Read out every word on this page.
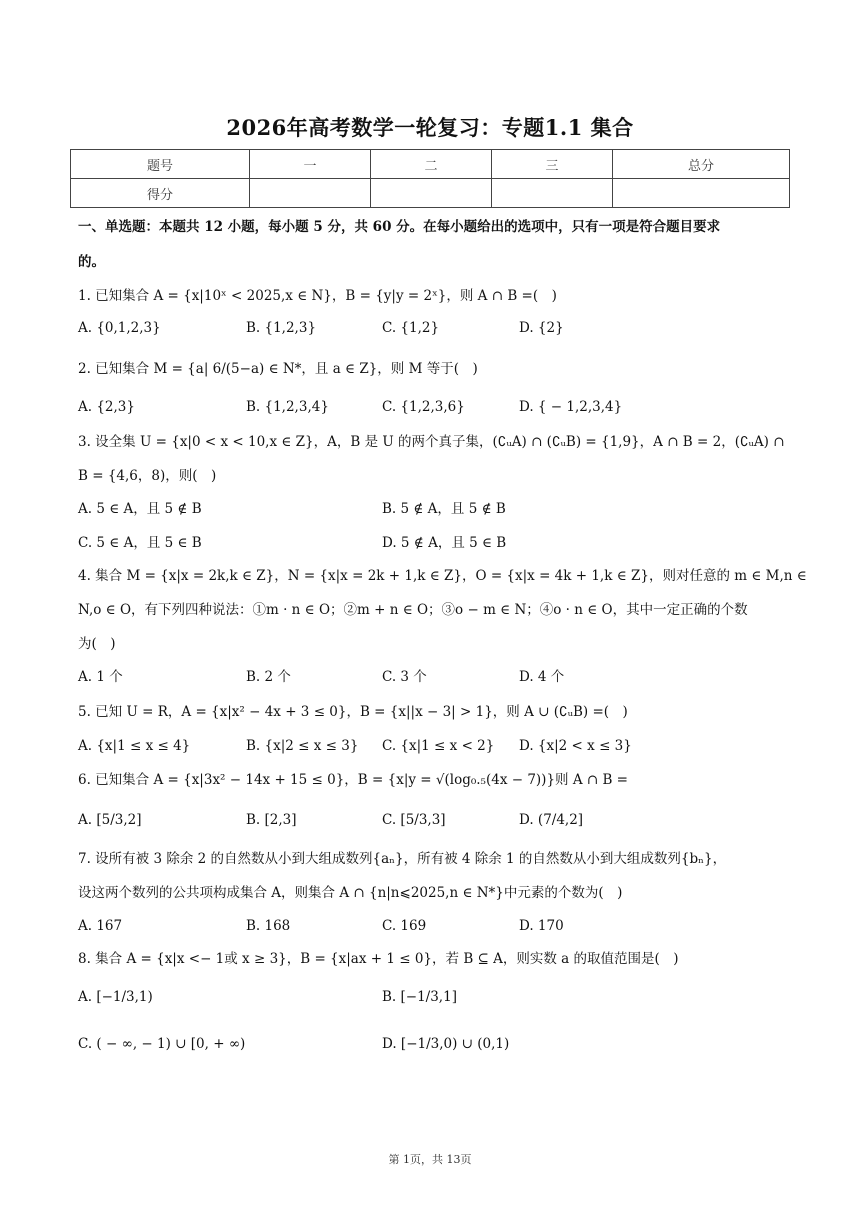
2026年高考数学一轮复习：专题1.1 集合
题号	一	二	三	总分
得分				
一、单选题：本题共 12 小题，每小题 5 分，共 60 分。在每小题给出的选项中，只有一项是符合题目要求
的。
1. 已知集合 A = {x|10ˣ < 2025,x ∈ N}，B = {y|y = 2ˣ}，则 A ∩ B =(　)
A. {0,1,2,3}	B. {1,2,3}	C. {1,2}	D. {2}
2. 已知集合 M = {a| 6/(5−a) ∈ N*，且 a ∈ Z}，则 M 等于(　)
A. {2,3}	B. {1,2,3,4}	C. {1,2,3,6}	D. { − 1,2,3,4}
3. 设全集 U = {x|0 < x < 10,x ∈ Z}，A，B 是 U 的两个真子集，(∁ᵤA) ∩ (∁ᵤB) = {1,9}，A ∩ B = 2，(∁ᵤA) ∩
B = {4,6，8)，则(　)
A. 5 ∈ A，且 5 ∉ B	B. 5 ∉ A，且 5 ∉ B
C. 5 ∈ A，且 5 ∈ B	D. 5 ∉ A，且 5 ∈ B
4. 集合 M = {x|x = 2k,k ∈ Z}，N = {x|x = 2k + 1,k ∈ Z}，O = {x|x = 4k + 1,k ∈ Z}，则对任意的 m ∈ M,n ∈
N,o ∈ O，有下列四种说法：①m · n ∈ O；②m + n ∈ O；③o − m ∈ N；④o · n ∈ O，其中一定正确的个数
为(　)
A. 1 个	B. 2 个	C. 3 个	D. 4 个
5. 已知 U = R，A = {x|x² − 4x + 3 ≤ 0}，B = {x||x − 3| > 1}，则 A ∪ (∁ᵤB) =(　)
A. {x|1 ≤ x ≤ 4}	B. {x|2 ≤ x ≤ 3} C. {x|1 ≤ x < 2} D. {x|2 < x ≤ 3}
6. 已知集合 A = {x|3x² − 14x + 15 ≤ 0}，B = {x|y = √(log₀.₅(4x − 7))}则 A ∩ B =
A. [5/3,2]	B. [2,3]	C. [5/3,3]	D. (7/4,2]
7. 设所有被 3 除余 2 的自然数从小到大组成数列{aₙ}，所有被 4 除余 1 的自然数从小到大组成数列{bₙ}，
设这两个数列的公共项构成集合 A，则集合 A ∩ {n|n⩽2025,n ∈ N*}中元素的个数为(　)
A. 167	B. 168	C. 169	D. 170
8. 集合 A = {x|x <− 1或 x ≥ 3}，B = {x|ax + 1 ≤ 0}，若 B ⊆ A，则实数 a 的取值范围是(　)
A. [−1/3,1)	B. [−1/3,1]
C. ( − ∞, − 1) ∪ [0, + ∞)	D. [−1/3,0) ∪ (0,1)
第 1页，共 13页
